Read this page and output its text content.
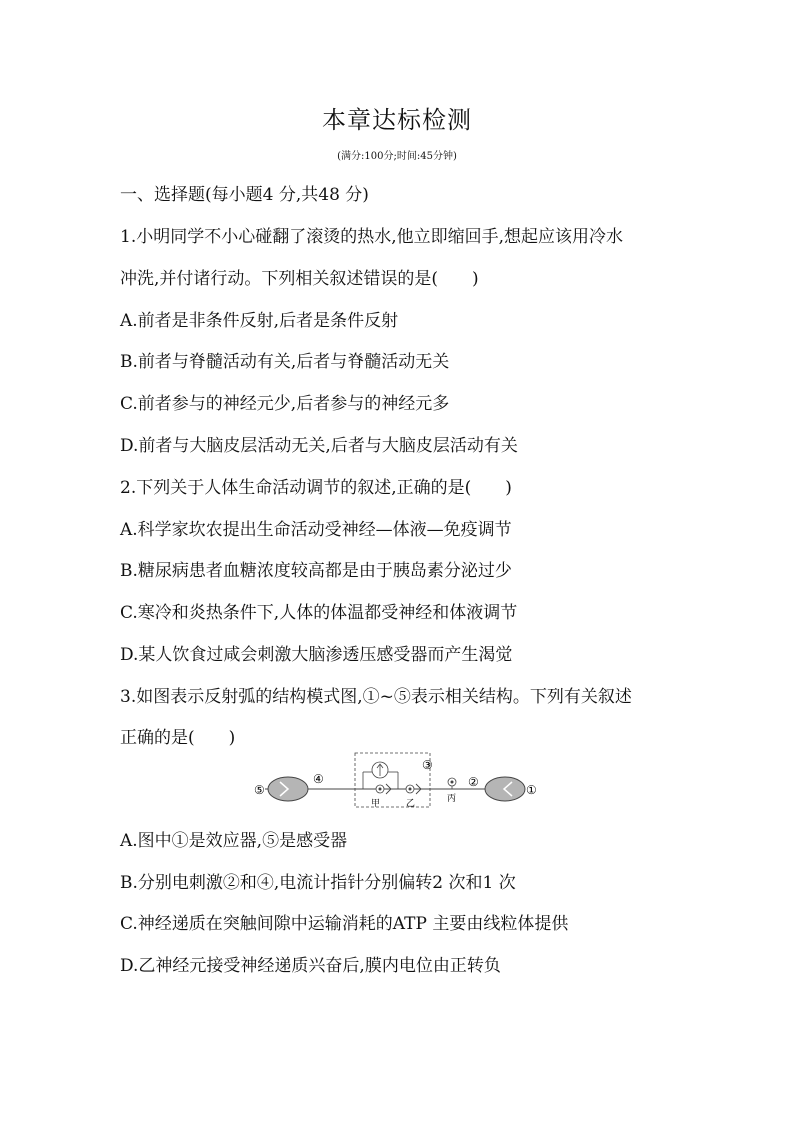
本章达标检测
(满分:100分;时间:45分钟)
一、选择题(每小题4 分,共48 分)
1.小明同学不小心碰翻了滚烫的热水,他立即缩回手,想起应该用冷水
冲洗,并付诸行动。下列相关叙述错误的是(　　)
A.前者是非条件反射,后者是条件反射
B.前者与脊髓活动有关,后者与脊髓活动无关
C.前者参与的神经元少,后者参与的神经元多
D.前者与大脑皮层活动无关,后者与大脑皮层活动有关
2.下列关于人体生命活动调节的叙述,正确的是(　　)
A.科学家坎农提出生命活动受神经—体液—免疫调节
B.糖尿病患者血糖浓度较高都是由于胰岛素分泌过少
C.寒冷和炎热条件下,人体的体温都受神经和体液调节
D.某人饮食过咸会刺激大脑渗透压感受器而产生渴觉
3.如图表示反射弧的结构模式图,①~⑤表示相关结构。下列有关叙述
正确的是(　　)
⑤
④
③
②
①
甲	乙	丙
A.图中①是效应器,⑤是感受器
B.分别电刺激②和④,电流计指针分别偏转2 次和1 次
C.神经递质在突触间隙中运输消耗的ATP 主要由线粒体提供
D.乙神经元接受神经递质兴奋后,膜内电位由正转负
